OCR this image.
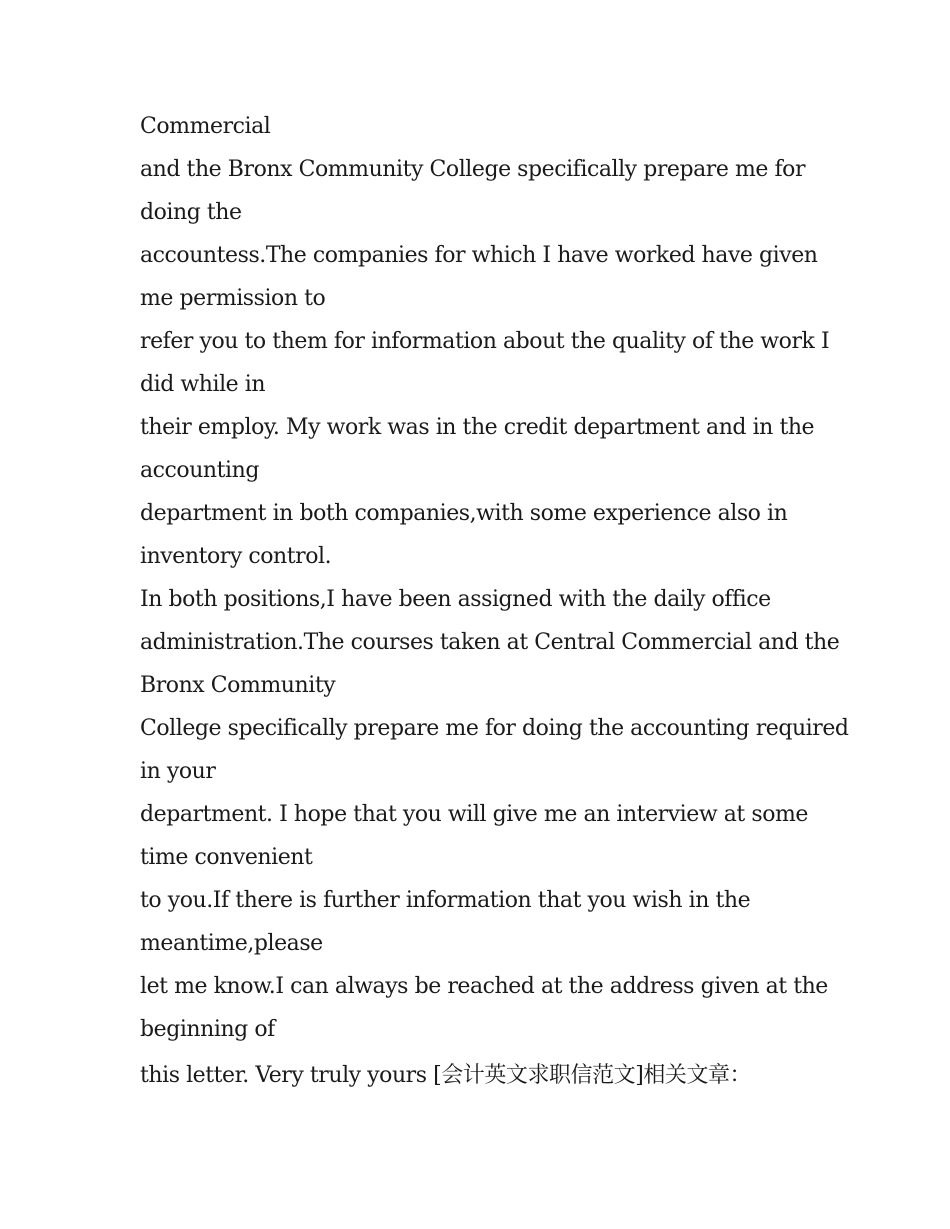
Commercial
and the Bronx Community College specifically prepare me for
doing the
accountess.The companies for which I have worked have given
me permission to
refer you to them for information about the quality of the work I
did while in
their employ. My work was in the credit department and in the
accounting
department in both companies,with some experience also in
inventory control.
In both positions,I have been assigned with the daily office
administration.The courses taken at Central Commercial and the
Bronx Community
College specifically prepare me for doing the accounting required
in your
department. I hope that you will give me an interview at some
time convenient
to you.If there is further information that you wish in the
meantime,please
let me know.I can always be reached at the address given at the
beginning of
this letter. Very truly yours [会计英文求职信范文]相关文章：
